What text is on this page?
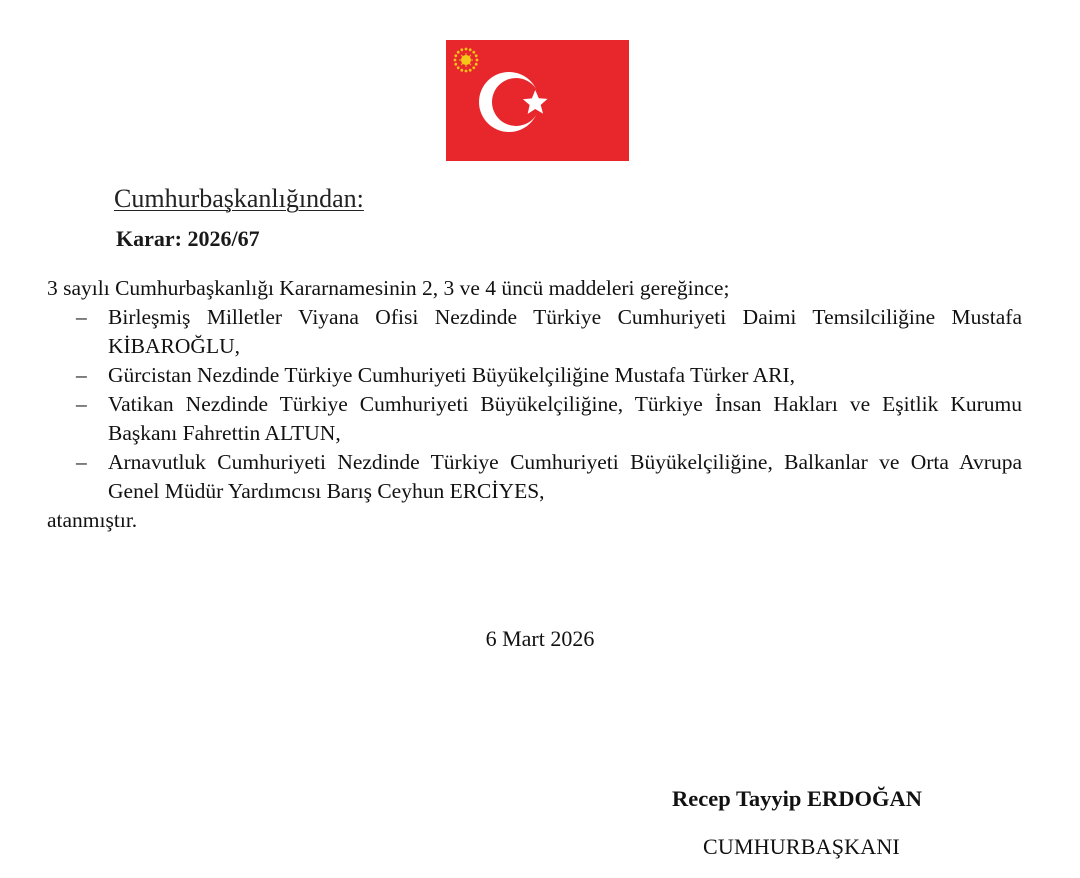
Cumhurbaşkanlığından:
Karar: 2026/67

3 sayılı Cumhurbaşkanlığı Kararnamesinin 2, 3 ve 4 üncü maddeleri gereğince;

– Birleşmiş Milletler Viyana Ofisi Nezdinde Türkiye Cumhuriyeti Daimi Temsilciliğine Mustafa KİBAROĞLU,
– Gürcistan Nezdinde Türkiye Cumhuriyeti Büyükelçiliğine Mustafa Türker ARI,
– Vatikan Nezdinde Türkiye Cumhuriyeti Büyükelçiliğine, Türkiye İnsan Hakları ve Eşitlik Kurumu Başkanı Fahrettin ALTUN,
– Arnavutluk Cumhuriyeti Nezdinde Türkiye Cumhuriyeti Büyükelçiliğine, Balkanlar ve Orta Avrupa Genel Müdür Yardımcısı Barış Ceyhun ERCİYES,

atanmıştır.

6 Mart 2026
Recep Tayyip ERDOĞAN
CUMHURBAŞKANI
